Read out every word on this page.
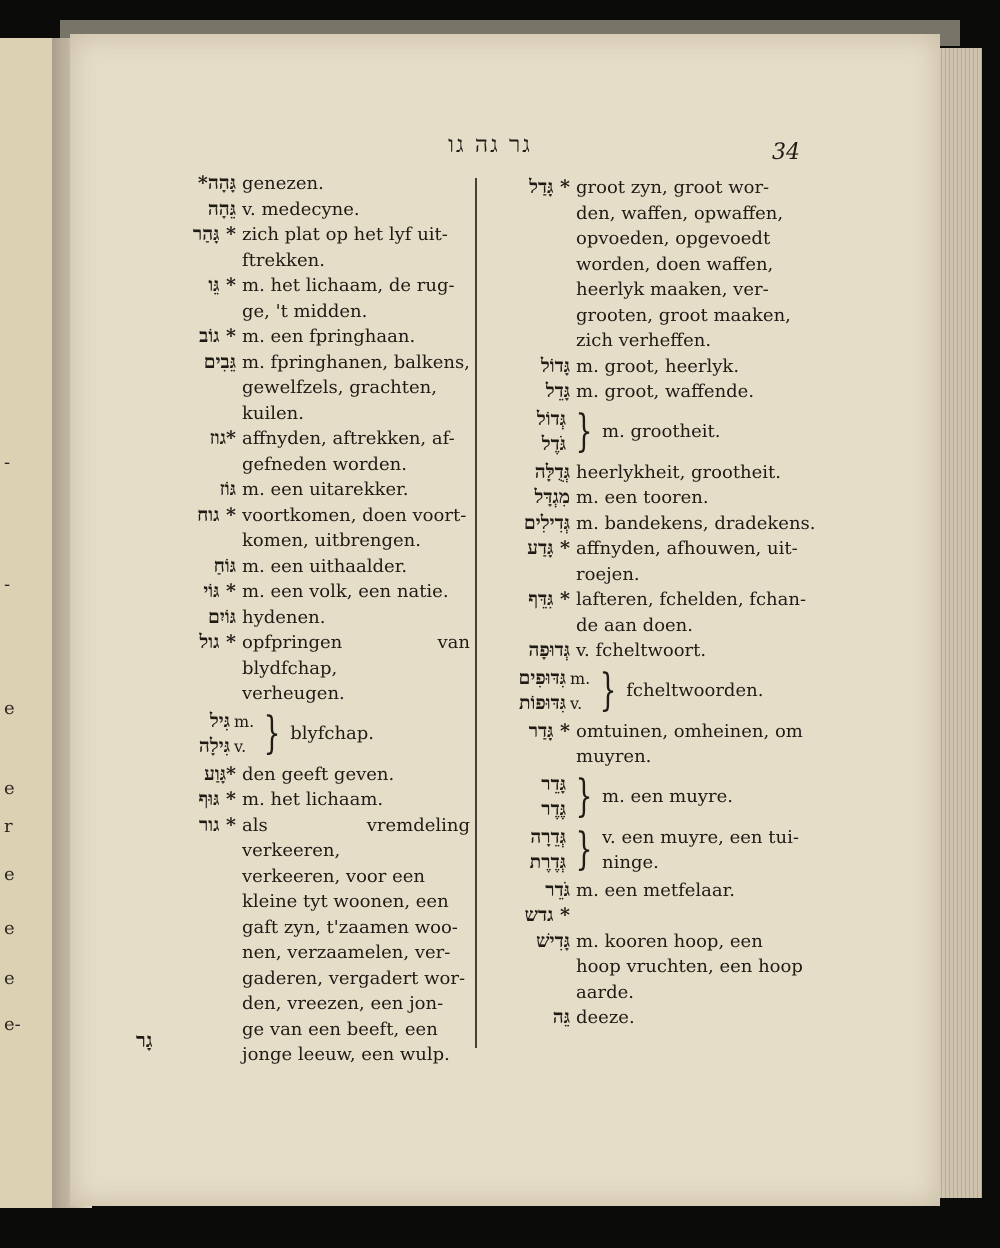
-
-
e
e
r
e
e
e
e-
גר גה גו	34
גָּהָה* genezen.
גֵּהָה v. medecyne.
* גָּהַר zich plat op het lyf uit-
ftrekken.
* גֵּו m. het lichaam, de rug-
ge, 't midden.
* גוֹב m. een fpringhaan.
גֵּבִים m. fpringhanen, balkens,
gewelfzels, grachten,
kuilen.
*גוז affnyden, aftrekken, af-
gefneden worden.
גּוֹז m. een uitarekker.
* גוח voortkomen, doen voort-
komen, uitbrengen.
גּוֹחַ m. een uithaalder.
* גּוֹי m. een volk, een natie.
גּוֹיִם hydenen.
* גול opfpringen van blydfchap,
verheugen.
גִּיל
גִּילָה
m.
v. } blyfchap.
*גָּוַע den geeft geven.
* גּוּף m. het lichaam.
* גור als vremdeling verkeeren,
verkeeren, voor een
kleine tyt woonen, een
gaft zyn, t'zaamen woo-
nen, verzaamelen, ver-
gaderen, vergadert wor-
den, vreezen, een jon-
ge van een beeft, een
jonge leeuw, een wulp.
* גָּדַל groot zyn, groot wor-
den, waffen, opwaffen,
opvoeden, opgevoedt
worden, doen waffen,
heerlyk maaken, ver-
grooten, groot maaken,
zich verheffen.
גָּדוֹל m. groot, heerlyk.
גָּדֵל m. groot, waffende.
גְּדוֹל
גֹּדֶל } m. grootheit.
גְּדֻלָּה heerlykheit, grootheit.
מִגְדָּל m. een tooren.
גְּדִילִים m. bandekens, dradekens.
* גָּדַע affnyden, afhouwen, uit-
roejen.
* גִּדֵּף lafteren, fchelden, fchan-
de aan doen.
גְּדוּפָה v. fcheltwoort.
גִּדּוּפִים
גִּדּוּפוֹת
m.
v. } fcheltwoorden.
* גָּדַר omtuinen, omheinen, om
muyren.
גָּדֵר
גֶּדֶר } m. een muyre.
גְּדֵרָה
גְּדֶרֶת } v. een muyre, een tui-
ninge.
גֹּדֵר m. een metfelaar.
* גדש
גָּדִישׁ m. kooren hoop, een
hoop vruchten, een hoop
aarde.
גֵּה deeze.
גָר
